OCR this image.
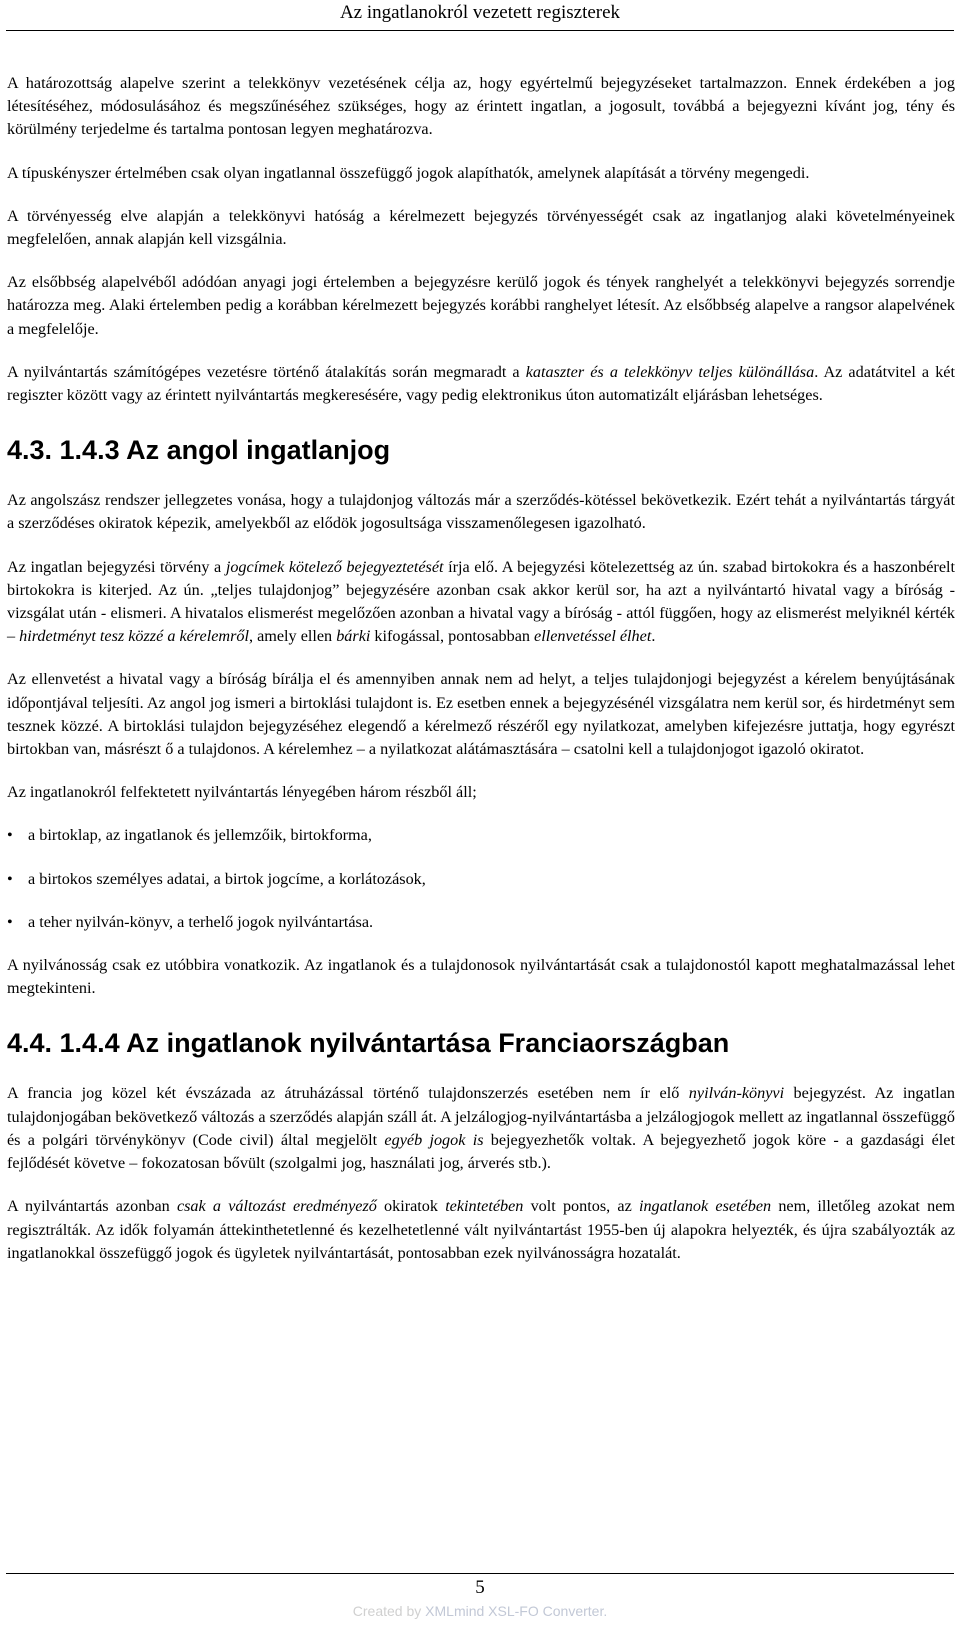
Az ingatlanokról vezetett regiszterek

A határozottság alapelve szerint a telekkönyv vezetésének célja az, hogy egyértelmű bejegyzéseket tartalmazzon. Ennek érdekében a jog létesítéséhez, módosulásához és megszűnéséhez szükséges, hogy az érintett ingatlan, a jogosult, továbbá a bejegyezni kívánt jog, tény és körülmény terjedelme és tartalma pontosan legyen meghatározva.

A típuskényszer értelmében csak olyan ingatlannal összefüggő jogok alapíthatók, amelynek alapítását a törvény megengedi.

A törvényesség elve alapján a telekkönyvi hatóság a kérelmezett bejegyzés törvényességét csak az ingatlanjog alaki követelményeinek megfelelően, annak alapján kell vizsgálnia.

Az elsőbbség alapelvéből adódóan anyagi jogi értelemben a bejegyzésre kerülő jogok és tények ranghelyét a telekkönyvi bejegyzés sorrendje határozza meg. Alaki értelemben pedig a korábban kérelmezett bejegyzés korábbi ranghelyet létesít. Az elsőbbség alapelve a rangsor alapelvének a megfelelője.

A nyilvántartás számítógépes vezetésre történő átalakítás során megmaradt a kataszter és a telekkönyv teljes különállása. Az adatátvitel a két regiszter között vagy az érintett nyilvántartás megkeresésére, vagy pedig elektronikus úton automatizált eljárásban lehetséges.

4.3. 1.4.3 Az angol ingatlanjog

Az angolszász rendszer jellegzetes vonása, hogy a tulajdonjog változás már a szerződés-kötéssel bekövetkezik. Ezért tehát a nyilvántartás tárgyát a szerződéses okiratok képezik, amelyekből az elődök jogosultsága visszamenőlegesen igazolható.

Az ingatlan bejegyzési törvény a jogcímek kötelező bejegyeztetését írja elő. A bejegyzési kötelezettség az ún. szabad birtokokra és a haszonbérelt birtokokra is kiterjed. Az ún. „teljes tulajdonjog” bejegyzésére azonban csak akkor kerül sor, ha azt a nyilvántartó hivatal vagy a bíróság - vizsgálat után - elismeri. A hivatalos elismerést megelőzően azonban a hivatal vagy a bíróság - attól függően, hogy az elismerést melyiknél kérték – hirdetményt tesz közzé a kérelemről, amely ellen bárki kifogással, pontosabban ellenvetéssel élhet.

Az ellenvetést a hivatal vagy a bíróság bírálja el és amennyiben annak nem ad helyt, a teljes tulajdonjogi bejegyzést a kérelem benyújtásának időpontjával teljesíti. Az angol jog ismeri a birtoklási tulajdont is. Ez esetben ennek a bejegyzésénél vizsgálatra nem kerül sor, és hirdetményt sem tesznek közzé. A birtoklási tulajdon bejegyzéséhez elegendő a kérelmező részéről egy nyilatkozat, amelyben kifejezésre juttatja, hogy egyrészt birtokban van, másrészt ő a tulajdonos. A kérelemhez – a nyilatkozat alátámasztására – csatolni kell a tulajdonjogot igazoló okiratot.

Az ingatlanokról felfektetett nyilvántartás lényegében három részből áll;

• a birtoklap, az ingatlanok és jellemzőik, birtokforma,
• a birtokos személyes adatai, a birtok jogcíme, a korlátozások,
• a teher nyilván-könyv, a terhelő jogok nyilvántartása.

A nyilvánosság csak ez utóbbira vonatkozik. Az ingatlanok és a tulajdonosok nyilvántartását csak a tulajdonostól kapott meghatalmazással lehet megtekinteni.

4.4. 1.4.4 Az ingatlanok nyilvántartása Franciaországban

A francia jog közel két évszázada az átruházással történő tulajdonszerzés esetében nem ír elő nyilván-könyvi bejegyzést. Az ingatlan tulajdonjogában bekövetkező változás a szerződés alapján száll át. A jelzálogjog-nyilvántartásba a jelzálogjogok mellett az ingatlannal összefüggő és a polgári törvénykönyv (Code civil) által megjelölt egyéb jogok is bejegyezhetők voltak. A bejegyezhető jogok köre - a gazdasági élet fejlődését követve – fokozatosan bővült (szolgalmi jog, használati jog, árverés stb.).

A nyilvántartás azonban csak a változást eredményező okiratok tekintetében volt pontos, az ingatlanok esetében nem, illetőleg azokat nem regisztrálták. Az idők folyamán áttekinthetetlenné és kezelhetetlenné vált nyilvántartást 1955-ben új alapokra helyezték, és újra szabályozták az ingatlanokkal összefüggő jogok és ügyletek nyilvántartását, pontosabban ezek nyilvánosságra hozatalát.

5
Created by XMLmind XSL-FO Converter.
